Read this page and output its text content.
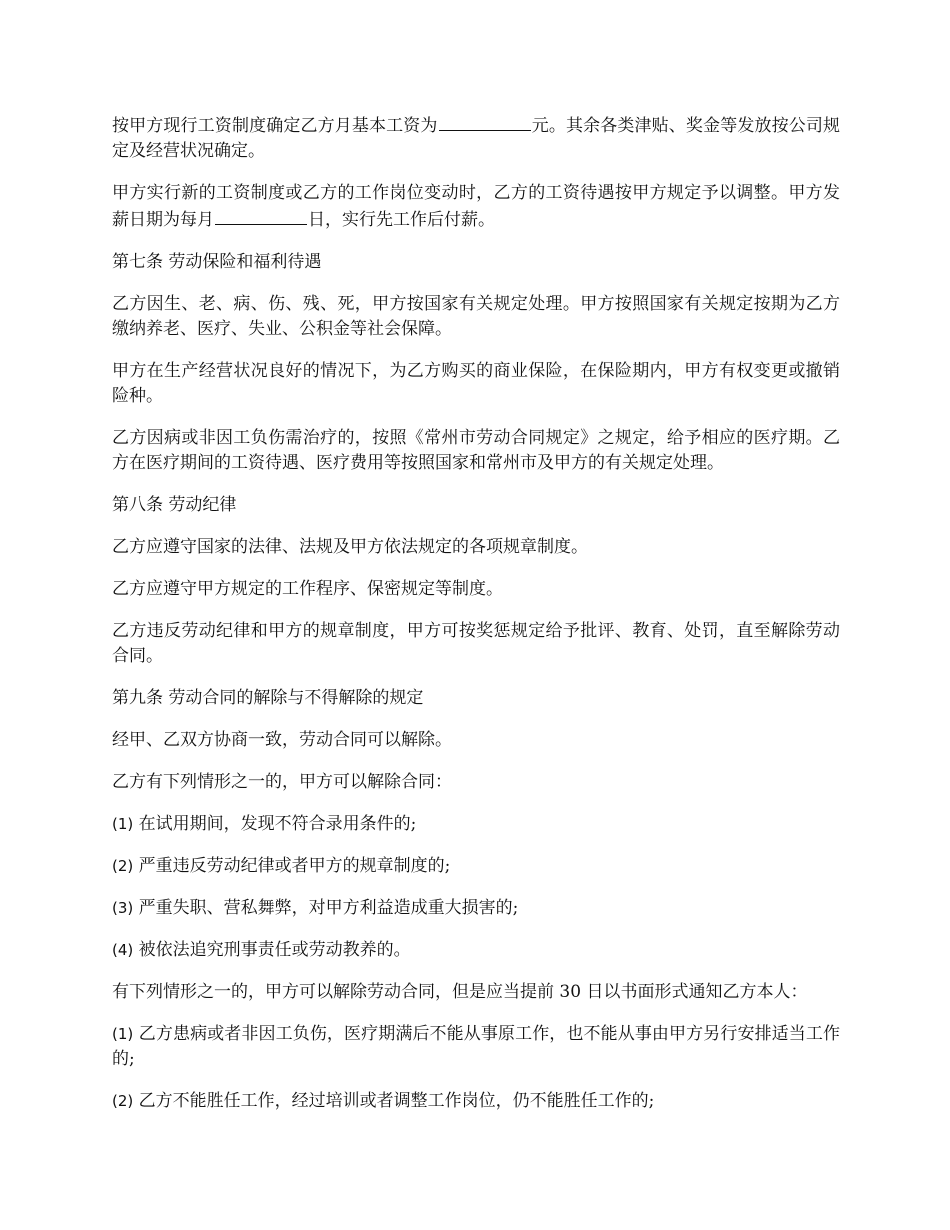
按甲方现行工资制度确定乙方月基本工资为	元。其余各类津贴、奖金等发放按公司规定及经营状况确定。

甲方实行新的工资制度或乙方的工作岗位变动时，乙方的工资待遇按甲方规定予以调整。甲方发薪日期为每月	日，实行先工作后付薪。

第七条 劳动保险和福利待遇

乙方因生、老、病、伤、残、死，甲方按国家有关规定处理。甲方按照国家有关规定按期为乙方缴纳养老、医疗、失业、公积金等社会保障。

甲方在生产经营状况良好的情况下，为乙方购买的商业保险，在保险期内，甲方有权变更或撤销险种。

乙方因病或非因工负伤需治疗的，按照《常州市劳动合同规定》之规定，给予相应的医疗期。乙方在医疗期间的工资待遇、医疗费用等按照国家和常州市及甲方的有关规定处理。

第八条 劳动纪律

乙方应遵守国家的法律、法规及甲方依法规定的各项规章制度。

乙方应遵守甲方规定的工作程序、保密规定等制度。

乙方违反劳动纪律和甲方的规章制度，甲方可按奖惩规定给予批评、教育、处罚，直至解除劳动合同。

第九条 劳动合同的解除与不得解除的规定

经甲、乙双方协商一致，劳动合同可以解除。

乙方有下列情形之一的，甲方可以解除合同：

(1) 在试用期间，发现不符合录用条件的;

(2) 严重违反劳动纪律或者甲方的规章制度的;

(3) 严重失职、营私舞弊，对甲方利益造成重大损害的;

(4) 被依法追究刑事责任或劳动教养的。

有下列情形之一的，甲方可以解除劳动合同，但是应当提前 30 日以书面形式通知乙方本人：

(1) 乙方患病或者非因工负伤，医疗期满后不能从事原工作，也不能从事由甲方另行安排适当工作的;

(2) 乙方不能胜任工作，经过培训或者调整工作岗位，仍不能胜任工作的;
